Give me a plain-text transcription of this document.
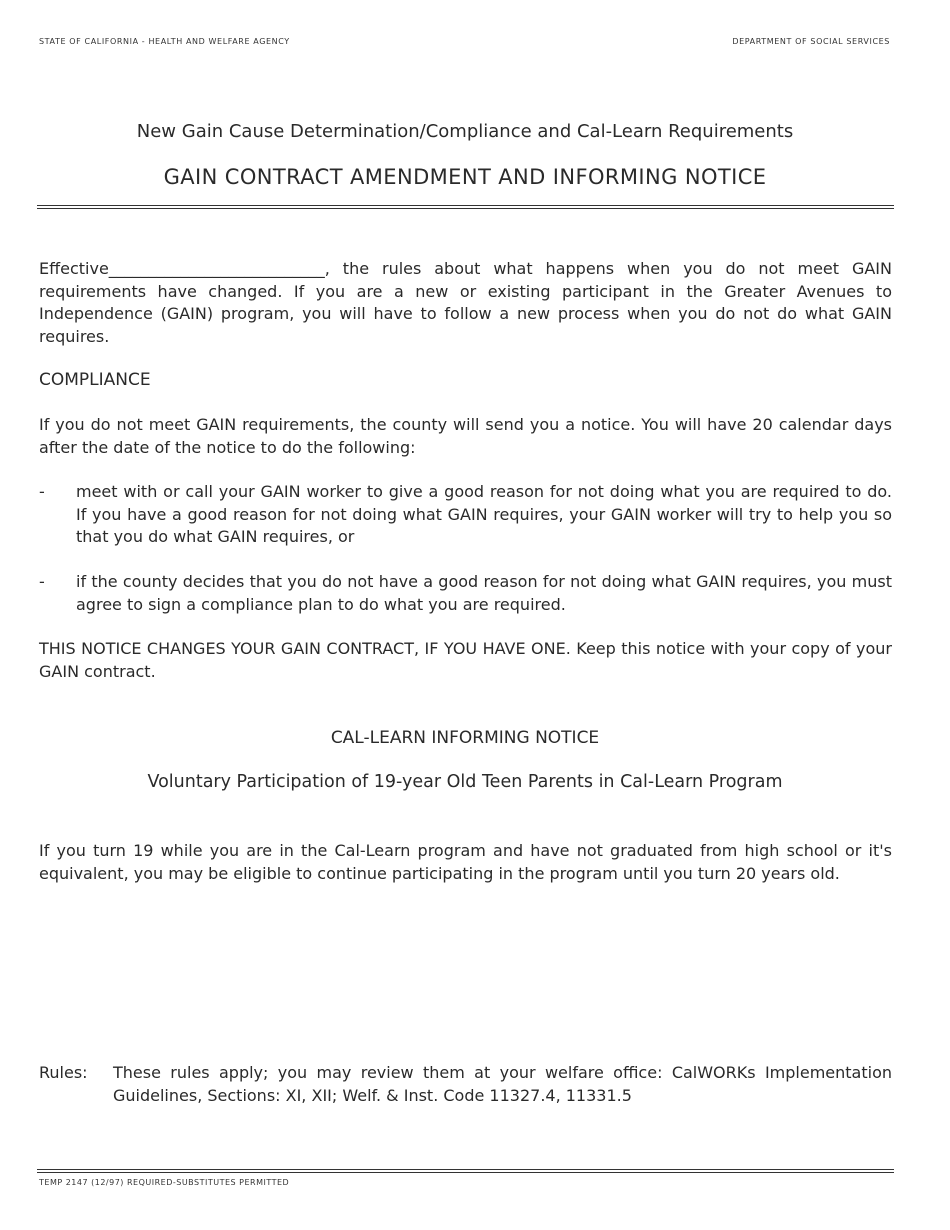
STATE OF CALIFORNIA - HEALTH AND WELFARE AGENCY	DEPARTMENT OF SOCIAL SERVICES
New Gain Cause Determination/Compliance and Cal-Learn Requirements
GAIN CONTRACT AMENDMENT AND INFORMING NOTICE
Effective___________________________, the rules about what happens when you do not meet GAIN requirements have changed. If you are a new or existing participant in the Greater Avenues to Independence (GAIN) program, you will have to follow a new process when you do not do what GAIN requires.
COMPLIANCE
If you do not meet GAIN requirements, the county will send you a notice. You will have 20 calendar days after the date of the notice to do the following:
- meet with or call your GAIN worker to give a good reason for not doing what you are required to do. If you have a good reason for not doing what GAIN requires, your GAIN worker will try to help you so that you do what GAIN requires, or
- if the county decides that you do not have a good reason for not doing what GAIN requires, you must agree to sign a compliance plan to do what you are required.
THIS NOTICE CHANGES YOUR GAIN CONTRACT, IF YOU HAVE ONE. Keep this notice with your copy of your GAIN contract.
CAL-LEARN INFORMING NOTICE
Voluntary Participation of 19-year Old Teen Parents in Cal-Learn Program
If you turn 19 while you are in the Cal-Learn program and have not graduated from high school or it's equivalent, you may be eligible to continue participating in the program until you turn 20 years old.
Rules: These rules apply; you may review them at your welfare office: CalWORKs Implementation Guidelines, Sections: XI, XII; Welf. & Inst. Code 11327.4, 11331.5
TEMP 2147 (12/97) REQUIRED-SUBSTITUTES PERMITTED
